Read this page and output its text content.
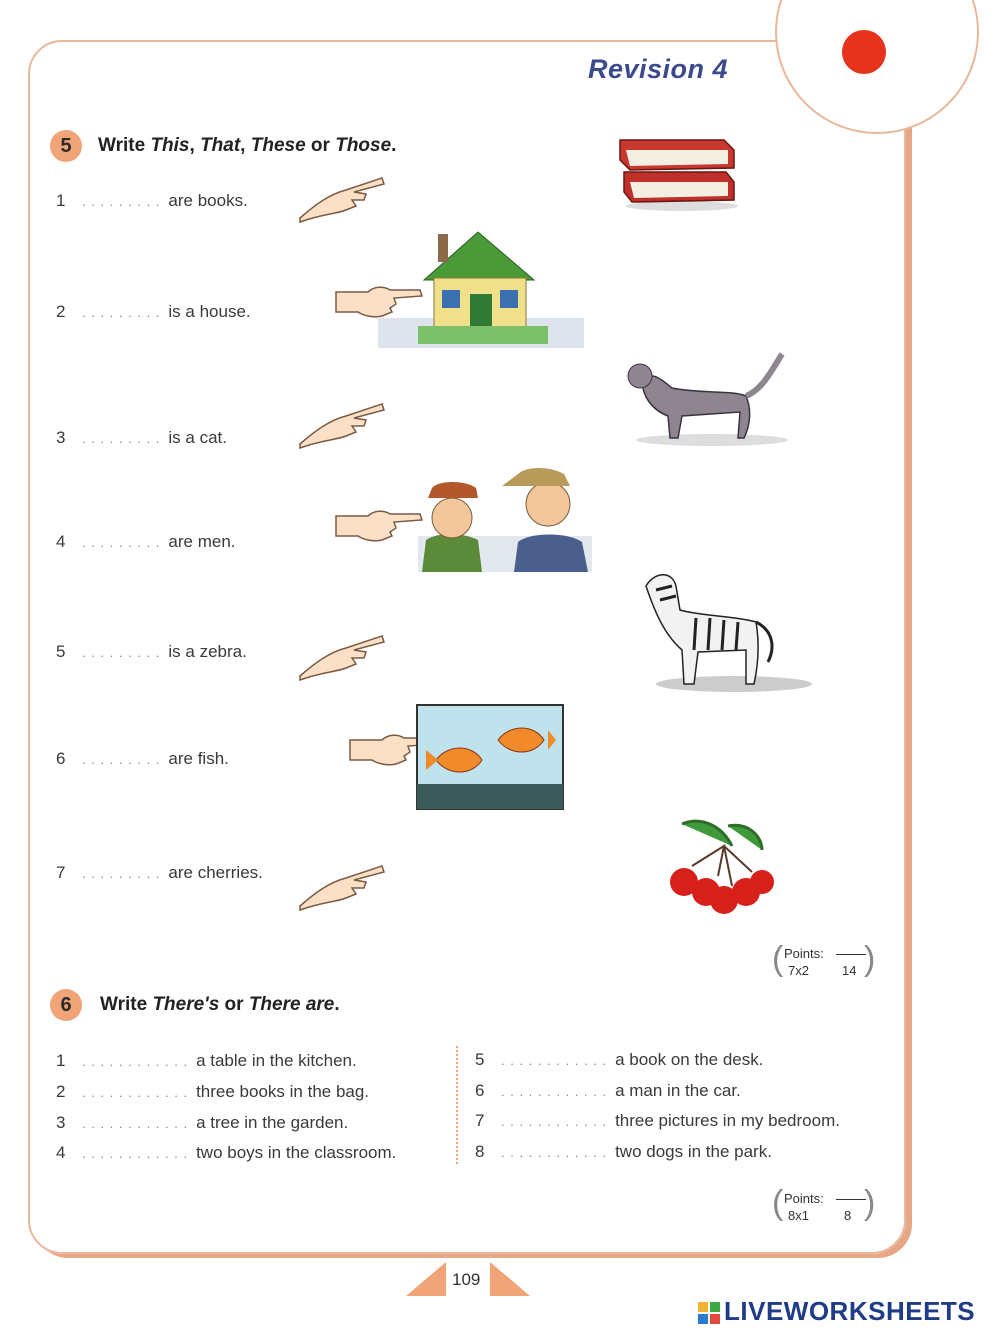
Revision 4
5	Write This, That, These or Those.
1 . . . . . . . . . are books.
2 . . . . . . . . . is a house.
3 . . . . . . . . . is a cat.
4 . . . . . . . . . are men.
5 . . . . . . . . . is a zebra.
6 . . . . . . . . . are fish.
7 . . . . . . . . . are cherries.
( Points:
7x2	14 )
6	Write There's or There are.
1 . . . . . . . . . . . . a table in the kitchen.
2 . . . . . . . . . . . . three books in the bag.
3 . . . . . . . . . . . . a tree in the garden.
4 . . . . . . . . . . . . two boys in the classroom.
5 . . . . . . . . . . . . a book on the desk.
6 . . . . . . . . . . . . a man in the car.
7 . . . . . . . . . . . . three pictures in my bedroom.
8 . . . . . . . . . . . . two dogs in the park.
( Points:
8x1	8 )
109
LIVEWORKSHEETS
